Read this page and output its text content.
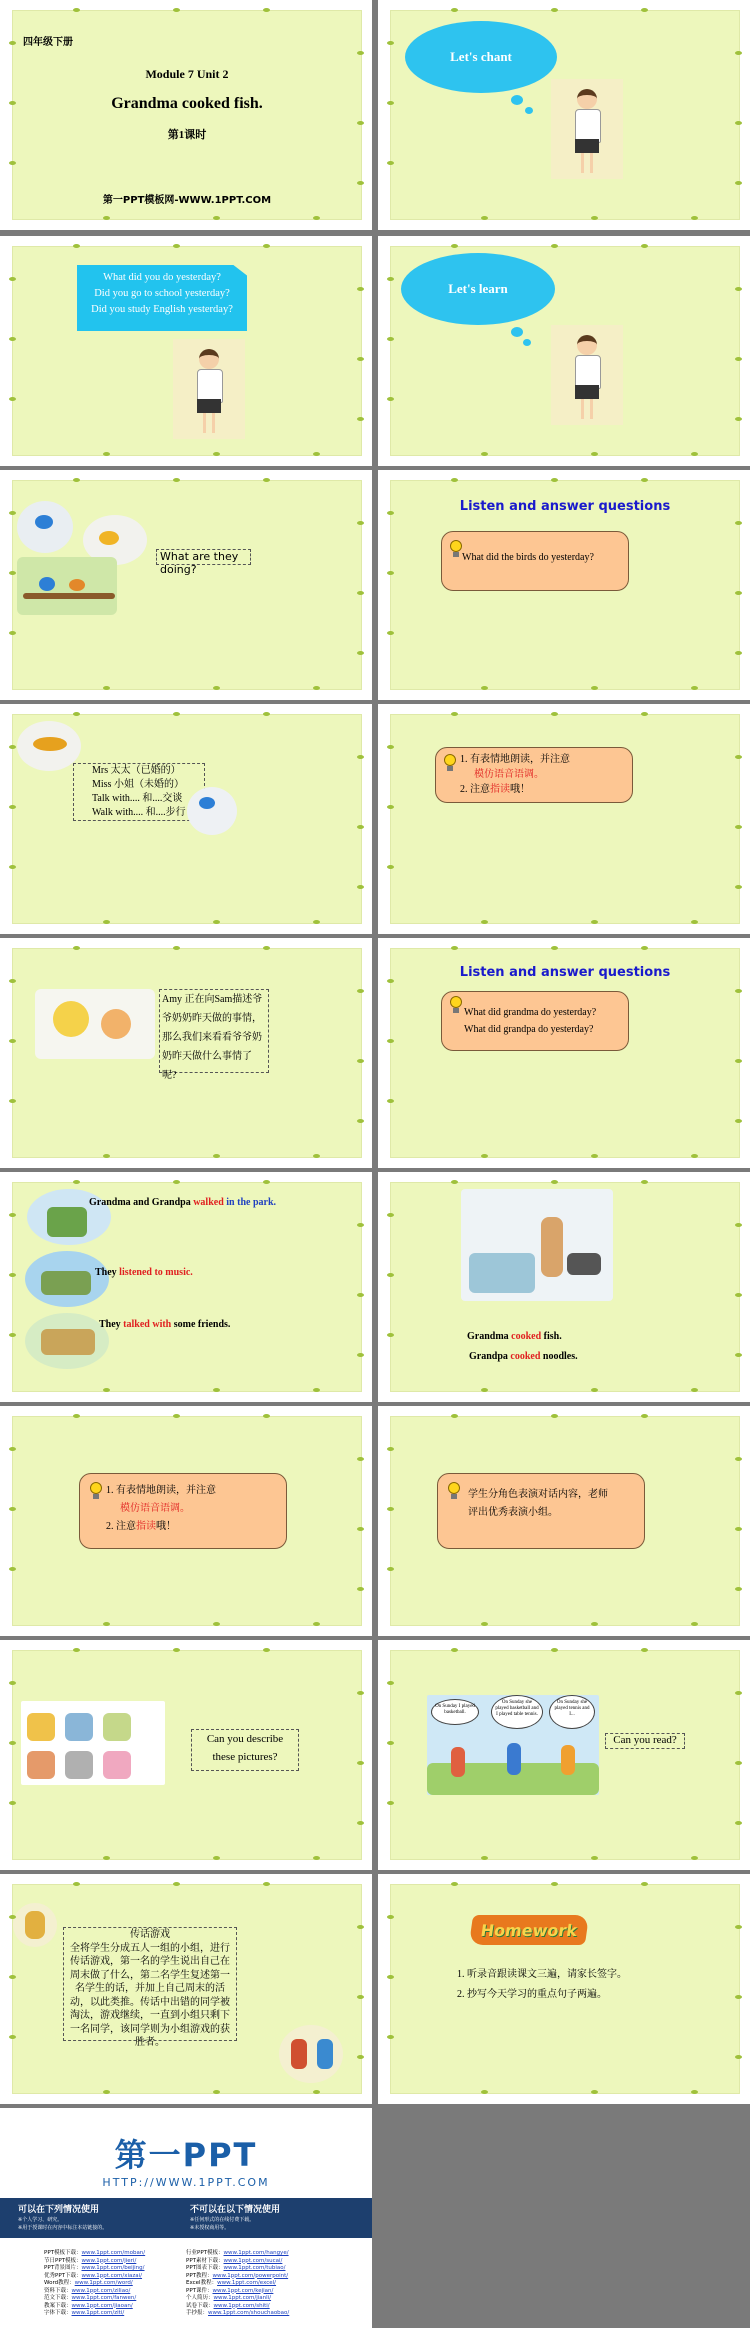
四年级下册
Module 7 Unit 2
Grandma cooked fish.
第1课时
第一PPT模板网-WWW.1PPT.COM
Let's chant
What did you do yesterday?
Did you go to school yesterday?
Did you study English yesterday?
Let's learn
What are they doing?
Listen and answer questions
What did the birds do yesterday?
Mrs 太太（已婚的）
Miss 小姐（未婚的）
Talk with.... 和....交谈
Walk with.... 和....步行
1. 有表情地朗读，并注意
模仿语音语调。
2. 注意指读哦！
Amy 正在向Sam描述爷爷奶奶昨天做的事情，那么我们来看看爷爷奶奶昨天做什么事情了呢?
Listen and answer questions
What did grandma do yesterday?
What did grandpa do yesterday?
Grandma and Grandpa walked in the park.
They listened to music.
They talked with some friends.
Grandma cooked fish.
Grandpa cooked noodles.
1. 有表情地朗读，并注意
模仿语音语调。
2. 注意指读哦！
学生分角色表演对话内容，老师评出优秀表演小组。
Can you describe
these pictures?
On Sunday I played basketball.
On Sunday she played basketball and I played table tennis.
On Sunday she played tennis and I...
Can you read?
传话游戏
全将学生分成五人一组的小组，进行传话游戏，第一名的学生说出自己在周末做了什么，第二名学生复述第一名学生的话，并加上自己周末的活动，以此类推。传话中出错的同学被淘汰，游戏继续，一直到小组只剩下一名同学，该同学则为小组游戏的获胜者。
Homework
1. 听录音跟读课文三遍，请家长签字。
2. 抄写今天学习的重点句子两遍。
第一PPT
HTTP://WWW.1PPT.COM
可以在下列情况使用
※个人学习、研究。
※用于授课时在内容中标注本站链接的。
不可以在以下情况使用
※任何形式的在线付费下载。
※未授权商用等。
PPT模板下载：www.1ppt.com/moban/
节日PPT模板：www.1ppt.com/jieri/
PPT背景图片：www.1ppt.com/beijing/
优秀PPT下载：www.1ppt.com/xiazai/
Word教程：www.1ppt.com/word/
资料下载：www.1ppt.com/ziliao/
范文下载：www.1ppt.com/fanwen/
教案下载：www.1ppt.com/jiaoan/
字体下载：www.1ppt.com/ziti/
行业PPT模板：www.1ppt.com/hangye/
PPT素材下载：www.1ppt.com/sucai/
PPT图表下载：www.1ppt.com/tubiao/
PPT教程：www.1ppt.com/powerpoint/
Excel教程：www.1ppt.com/excel/
PPT课件：www.1ppt.com/kejian/
个人简历：www.1ppt.com/jianli/
试卷下载：www.1ppt.com/shiti/
手抄报：www.1ppt.com/shouchaobao/
